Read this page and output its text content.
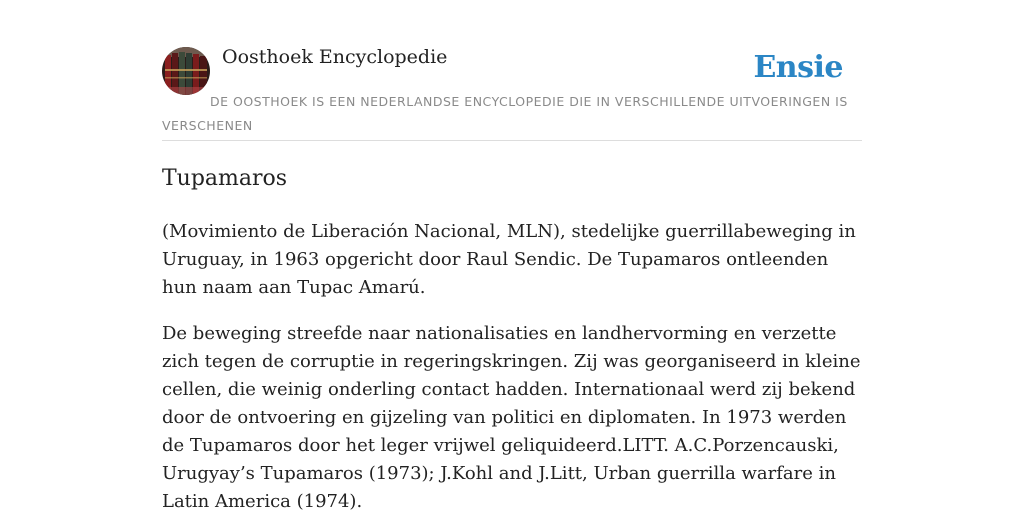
Oosthoek Encyclopedie	Ensie
DE OOSTHOEK IS EEN NEDERLANDSE ENCYCLOPEDIE DIE IN VERSCHILLENDE UITVOERINGEN IS VERSCHENEN
Tupamaros

(Movimiento de Liberación Nacional, MLN), stedelijke guerrillabeweging in Uruguay, in 1963 opgericht door Raul Sendic. De Tupamaros ontleenden hun naam aan Tupac Amarú.

De beweging streefde naar nationalisaties en landhervorming en verzette zich tegen de corruptie in regeringskringen. Zij was georganiseerd in kleine cellen, die weinig onderling contact hadden. Internationaal werd zij bekend door de ontvoering en gijzeling van politici en diplomaten. In 1973 werden de Tupamaros door het leger vrijwel geliquideerd.LITT. A.C.Porzencauski, Urugyay’s Tupamaros (1973); J.Kohl and J.Litt, Urban guerrilla warfare in Latin America (1974).
